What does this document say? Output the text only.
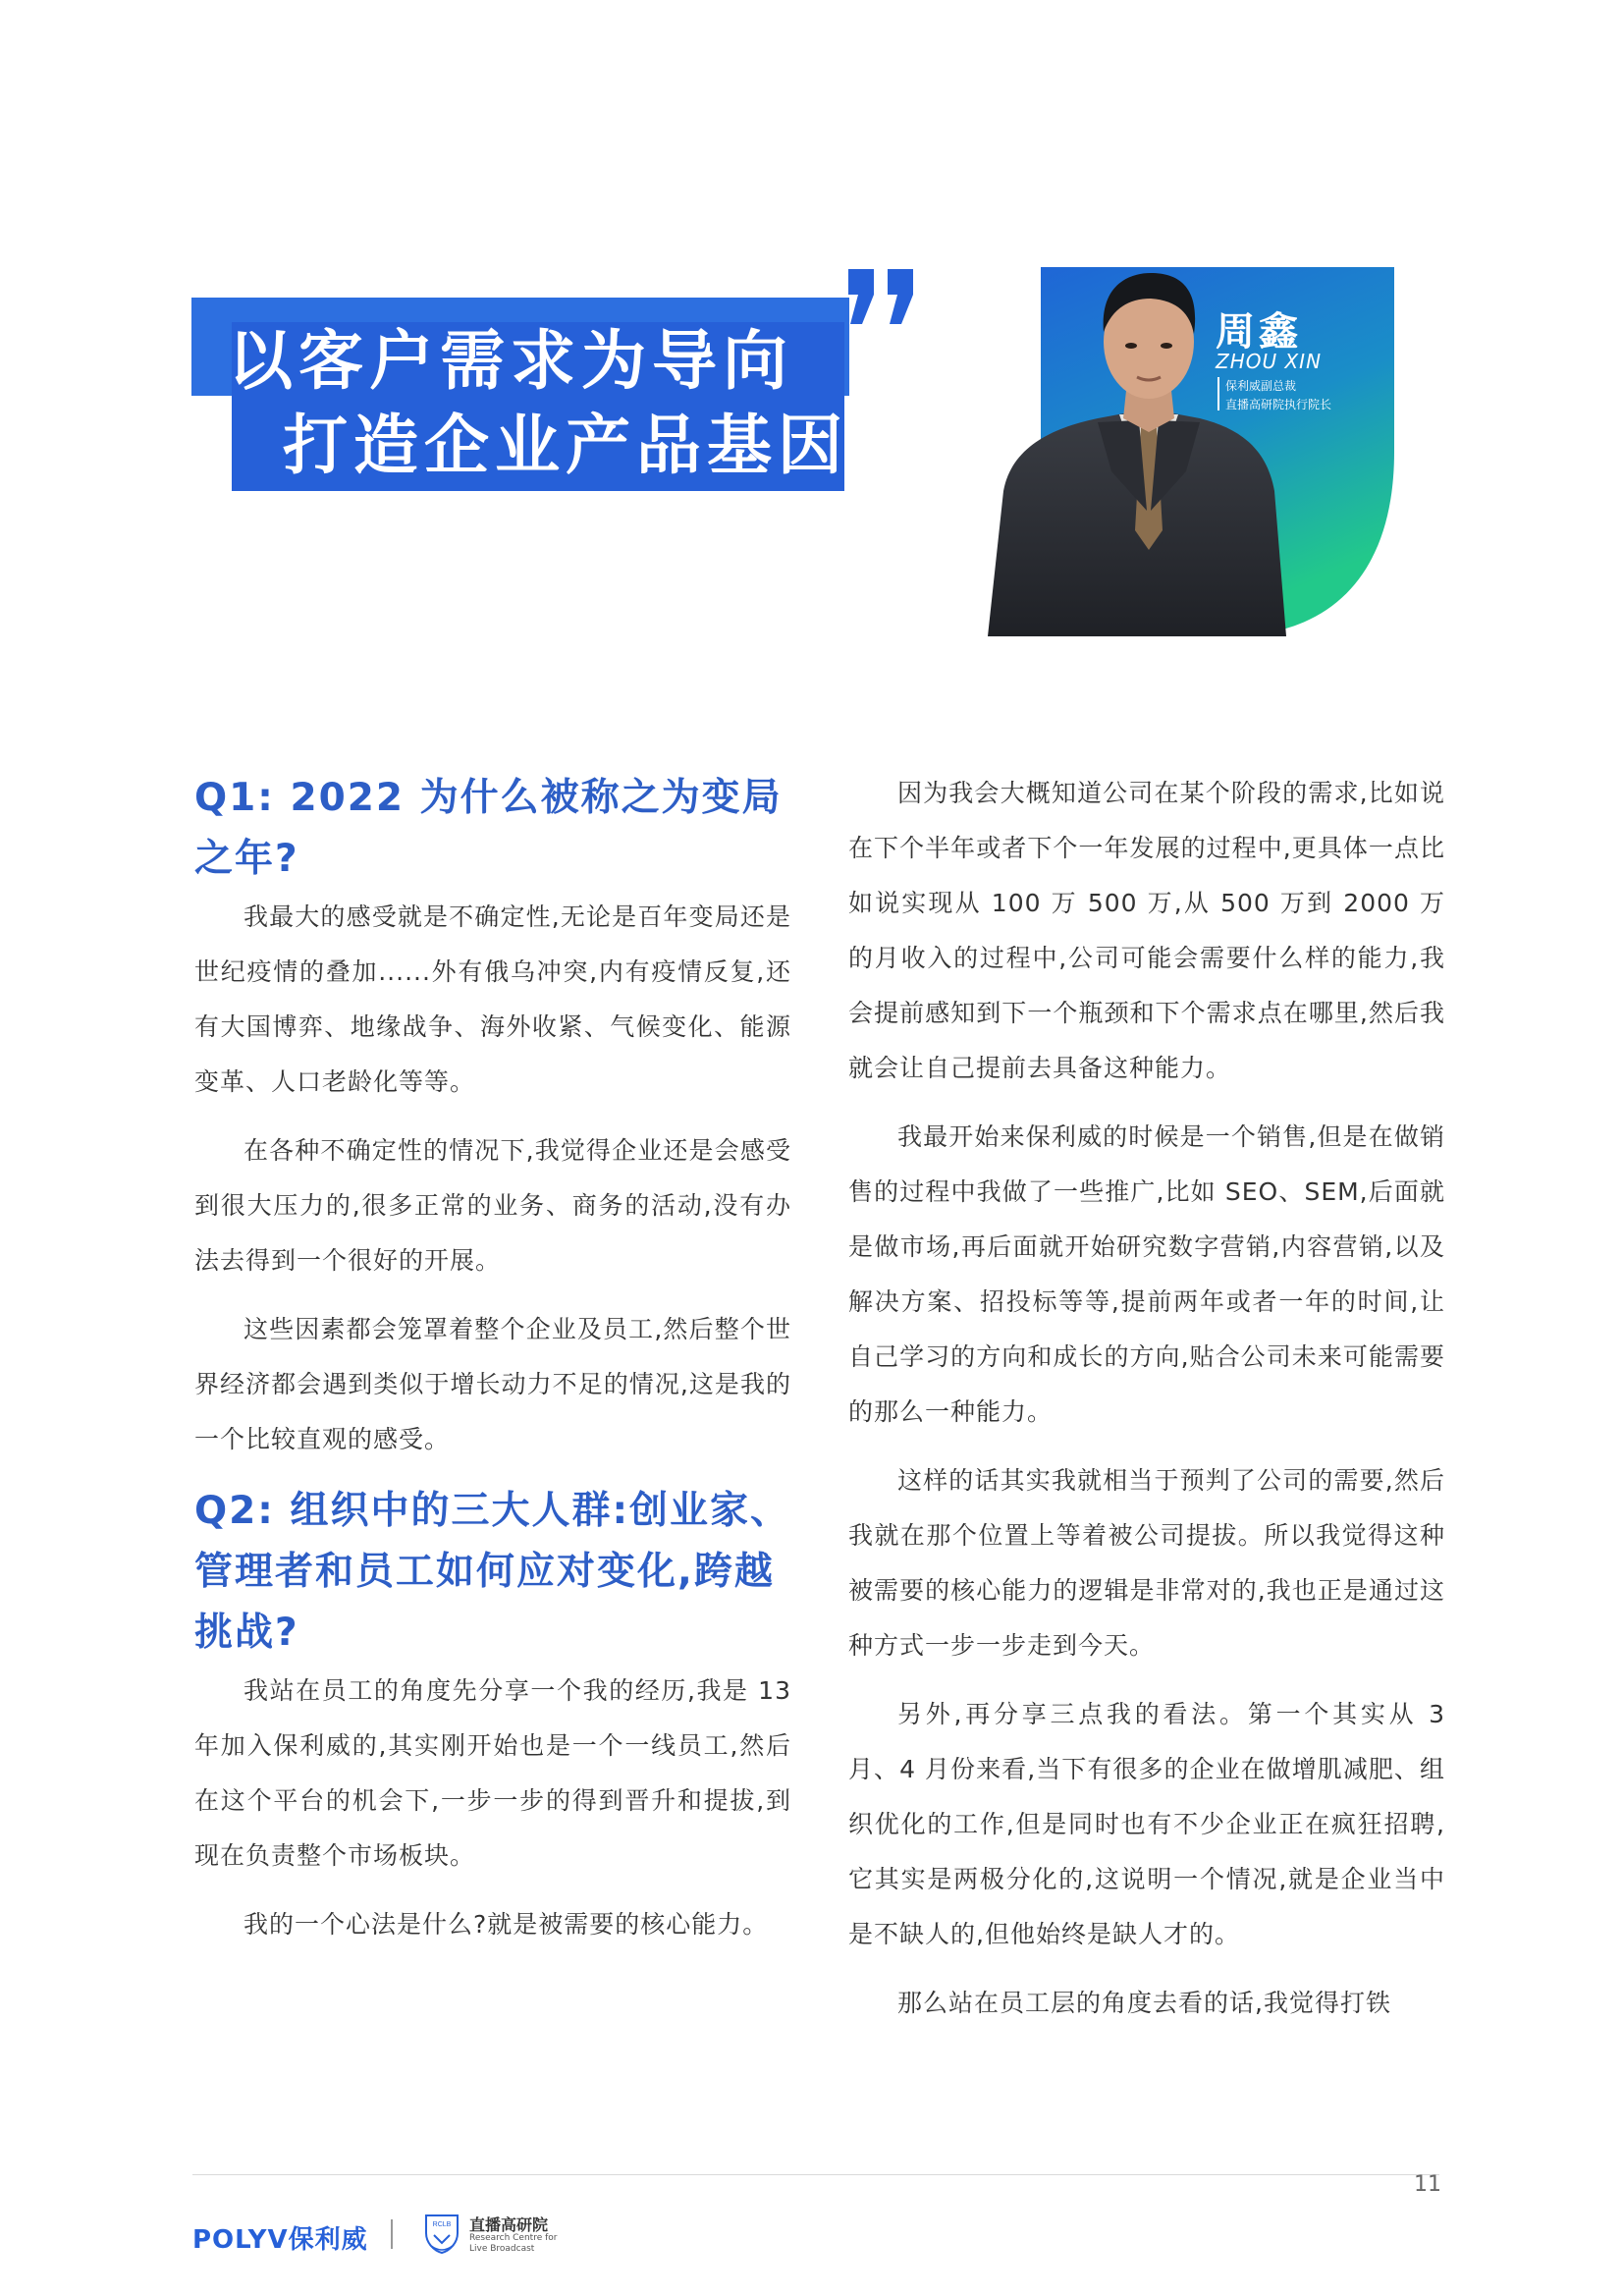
以客户需求为导向
打造企业产品基因
周鑫
ZHOU XIN
保利威副总裁
直播高研院执行院长
Q1: 2022 为什么被称之为变局之年?

我最大的感受就是不确定性,无论是百年变局还是世纪疫情的叠加......外有俄乌冲突,内有疫情反复,还有大国博弈、地缘战争、海外收紧、气候变化、能源变革、人口老龄化等等。

在各种不确定性的情况下,我觉得企业还是会感受到很大压力的,很多正常的业务、商务的活动,没有办法去得到一个很好的开展。

这些因素都会笼罩着整个企业及员工,然后整个世界经济都会遇到类似于增长动力不足的情况,这是我的一个比较直观的感受。

Q2: 组织中的三大人群:创业家、管理者和员工如何应对变化,跨越挑战?

我站在员工的角度先分享一个我的经历,我是 13 年加入保利威的,其实刚开始也是一个一线员工,然后在这个平台的机会下,一步一步的得到晋升和提拔,到现在负责整个市场板块。

我的一个心法是什么?就是被需要的核心能力。

因为我会大概知道公司在某个阶段的需求,比如说在下个半年或者下个一年发展的过程中,更具体一点比如说实现从 100 万 500 万,从 500 万到 2000 万的月收入的过程中,公司可能会需要什么样的能力,我会提前感知到下一个瓶颈和下个需求点在哪里,然后我就会让自己提前去具备这种能力。

我最开始来保利威的时候是一个销售,但是在做销售的过程中我做了一些推广,比如 SEO、SEM,后面就是做市场,再后面就开始研究数字营销,内容营销,以及解决方案、招投标等等,提前两年或者一年的时间,让自己学习的方向和成长的方向,贴合公司未来可能需要的那么一种能力。

这样的话其实我就相当于预判了公司的需要,然后我就在那个位置上等着被公司提拔。所以我觉得这种被需要的核心能力的逻辑是非常对的,我也正是通过这种方式一步一步走到今天。

另外,再分享三点我的看法。第一个其实从 3 月、4 月份来看,当下有很多的企业在做增肌减肥、组织优化的工作,但是同时也有不少企业正在疯狂招聘,它其实是两极分化的,这说明一个情况,就是企业当中是不缺人的,但他始终是缺人才的。

那么站在员工层的角度去看的话,我觉得打铁

11
POLYV保利威
RCLB 直播高研院
Research Centre for
Live Broadcast
